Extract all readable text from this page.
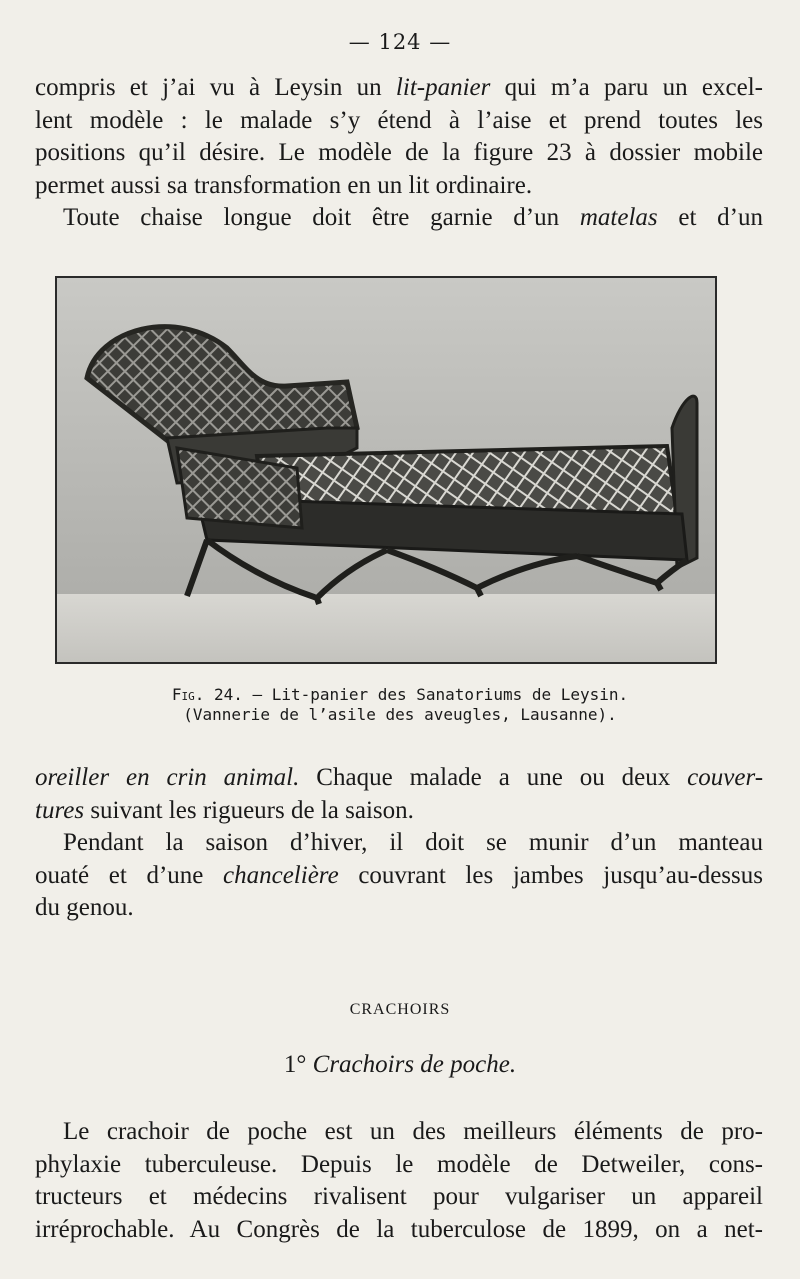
— 124 —
compris et j’ai vu à Leysin un lit-panier qui m’a paru un excel-
lent modèle : le malade s’y étend à l’aise et prend toutes les
positions qu’il désire. Le modèle de la figure 23 à dossier mobile
permet aussi sa transformation en un lit ordinaire.
Toute chaise longue doit être garnie d’un matelas et d’un
Fig. 24. — Lit-panier des Sanatoriums de Leysin.
(Vannerie de l’asile des aveugles, Lausanne).
oreiller en crin animal. Chaque malade a une ou deux couver-
tures suivant les rigueurs de la saison.
Pendant la saison d’hiver, il doit se munir d’un manteau
ouaté et d’une chancelière couvrant les jambes jusqu’au-dessus
du genou.
CRACHOIRS
1° Crachoirs de poche.
Le crachoir de poche est un des meilleurs éléments de pro-
phylaxie tuberculeuse. Depuis le modèle de Detweiler, cons-
tructeurs et médecins rivalisent pour vulgariser un appareil
irréprochable. Au Congrès de la tuberculose de 1899, on a net-
